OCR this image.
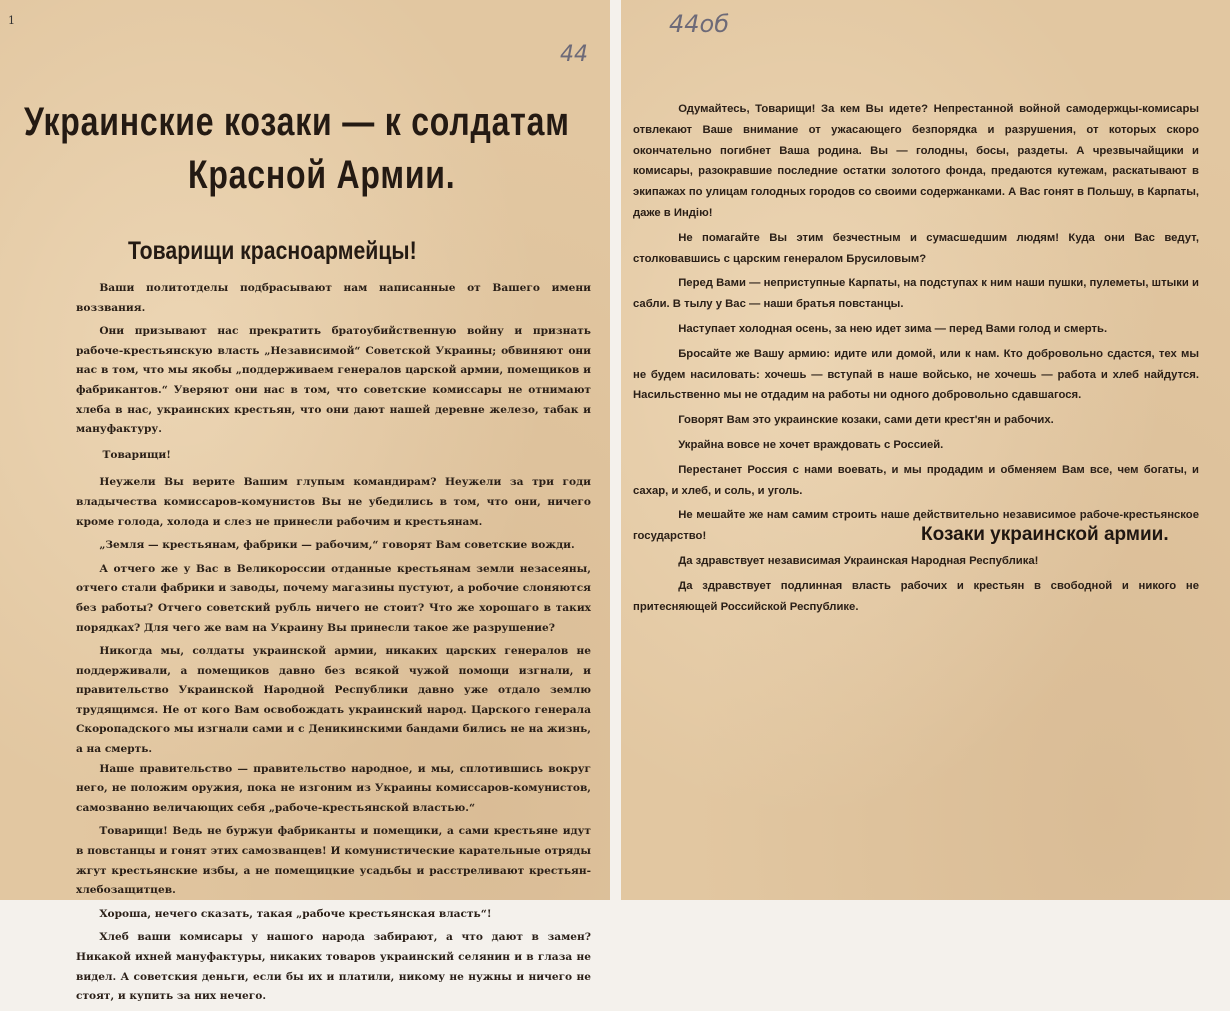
1
44
Украинские козаки — к солдатам
Красной Армии.
Товарищи красноармейцы!

Ваши политотделы подбрасывают нам написанные от Вашего имени воззвания.

Они призывают нас прекратить братоубийственную войну и признать рабоче-крестьянскую власть „Независимой“ Советской Украины; обвиняют они нас в том, что мы якобы „поддерживаем генералов царской армии, помещиков и фабрикантов.“ Уверяют они нас в том, что советские комиссары не отнимают хлеба в нас, украинских крестьян, что они дают нашей деревне железо, табак и мануфактуру.

Товарищи!

Неужели Вы верите Вашим глупым командирам? Неужели за три годи владычества комиссаров-комунистов Вы не убедились в том, что они, ничего кроме голода, холода и слез не принесли рабочим и крестьянам.

„Земля — крестьянам, фабрики — рабочим,“ говорят Вам советские вожди.

А отчего же у Вас в Великороссии отданные крестьянам земли незасеяны, отчего стали фабрики и заводы, почему магазины пустуют, а робочие слоняются без работы? Отчего советский рубль ничего не стоит? Что же хорошаго в таких порядках? Для чего же вам на Украину Вы принесли такое же разрушение?

Никогда мы, солдаты украинской армии, никаких царских генералов не поддерживали, а помещиков давно без всякой чужой помощи изгнали, и правительство Украинской Народной Республики давно уже отдало землю трудящимся. Не от кого Вам освобождать украинский народ. Царского генерала Скоропадского мы изгнали сами и с Деникинскими бандами бились не на жизнь, а на смерть.

Наше правительство — правительство народное, и мы, сплотившись вокруг него, не положим оружия, пока не изгоним из Украины комиссаров-комунистов, самозванно величающих себя „рабоче-крестьянской властью.“

Товарищи! Ведь не буржуи фабриканты и помещики, а сами крестьяне идут в повстанцы и гонят этих самозванцев! И комунистические карательные отряды жгут крестьянские избы, а не помещицкие усадьбы и расстреливают крестьян-хлебозащитцев.

Хороша, нечего сказать, такая „рабоче крестьянская власть“!

Хлеб ваши комисары у нашого народа забирают, а что дают в замен? Никакой ихней мануфактуры, никаких товаров украинский селянин и в глаза не видел. А советския деньги, если бы их и платили, никому не нужны и ничего не стоят, и купить за них нечего.

44об

Одумайтесь, Товарищи! За кем Вы идете? Непрестанной войной самодержцы-комисары отвлекают Ваше внимание от ужасающего безпорядка и разрушения, от которых скоро окончательно погибнет Ваша родина. Вы — голодны, босы, раздеты. А чрезвычайщики и комисары, разокравшие последние остатки золотого фонда, предаются кутежам, раскатывают в экипажах по улицам голодных городов со своими содержанками. А Вас гонят в Польшу, в Карпаты, даже в Индію!

Не помагайте Вы этим безчестным и сумасшедшим людям! Куда они Вас ведут, столковавшись с царским генералом Брусиловым?

Перед Вами — неприступные Карпаты, на подступах к ним наши пушки, пулеметы, штыки и сабли. В тылу у Вас — наши братья повстанцы.

Наступает холодная осень, за нею идет зима — перед Вами голод и смерть.

Бросайте же Вашу армию: идите или домой, или к нам. Кто добровольно сдастся, тех мы не будем насиловать: хочешь — вступай в наше войсько, не хочешь — работа и хлеб найдутся. Насильственно мы не отдадим на работы ни одного добровольно сдавшагося.

Говорят Вам это украинские козаки, сами дети крест'ян и рабочих.

Украйна вовсе не хочет враждовать с Россией.

Перестанет Россия с нами воевать, и мы продадим и обменяем Вам все, чем богаты, и сахар, и хлеб, и соль, и уголь.

Не мешайте же нам самим строить наше действительно независимое рабоче-крестьянское государство!

Да здравствует независимая Украинская Народная Республика!

Да здравствует подлинная власть рабочих и крестьян в свободной и никого не притесняющей Российской Республике.

Козаки украинской армии.
